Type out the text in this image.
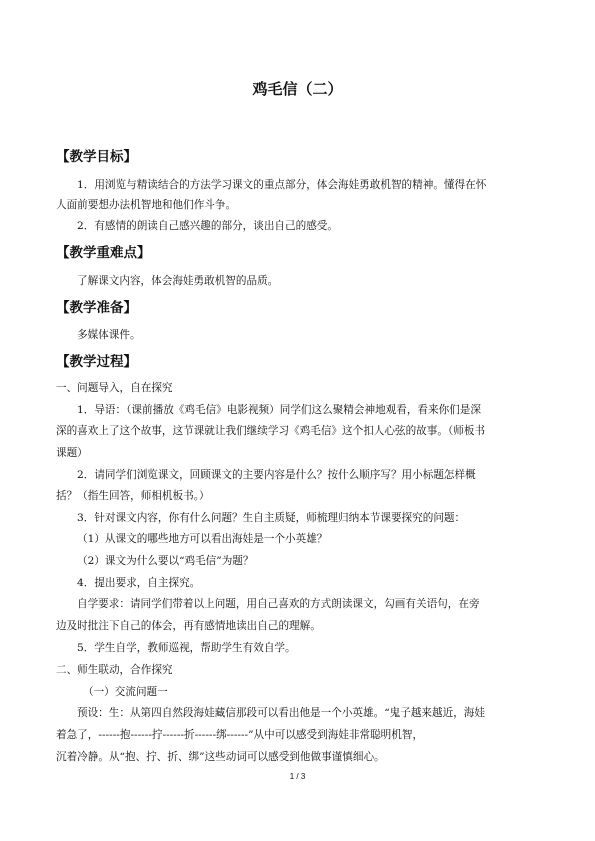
鸡毛信（二）
【教学目标】
1．用浏览与精读结合的方法学习课文的重点部分，体会海娃勇敢机智的精神。懂得在怀
人面前要想办法机智地和他们作斗争。
2．有感情的朗读自己感兴趣的部分，谈出自己的感受。
【教学重难点】
了解课文内容，体会海娃勇敢机智的品质。
【教学准备】
多媒体课件。
【教学过程】
一、问题导入，自在探究
1．导语：（课前播放《鸡毛信》电影视频）同学们这么聚精会神地观看，看来你们是深
深的喜欢上了这个故事，这节课就让我们继续学习《鸡毛信》这个扣人心弦的故事。（师板书
课题）
2．请同学们浏览课文，回顾课文的主要内容是什么？按什么顺序写？用小标题怎样概
括？（指生回答，师相机板书。）
3．针对课文内容，你有什么问题？生自主质疑，师梳理归纳本节课要探究的问题：
（1）从课文的哪些地方可以看出海娃是一个小英雄？
（2）课文为什么要以“鸡毛信”为题？
4．提出要求，自主探究。
自学要求：请同学们带着以上问题，用自己喜欢的方式朗读课文，勾画有关语句，在旁
边及时批注下自己的体会，再有感情地读出自己的理解。
5．学生自学，教师巡视，帮助学生有效自学。
二、师生联动，合作探究
（一）交流问题一
预设：生：从第四自然段海娃藏信那段可以看出他是一个小英雄。“鬼子越来越近，海娃
着急了，------抱------拧------折------绑------”从中可以感受到海娃非常聪明机智，
沉着冷静。从“抱、拧、折、绑”这些动词可以感受到他做事谨慎细心。
1 / 3
